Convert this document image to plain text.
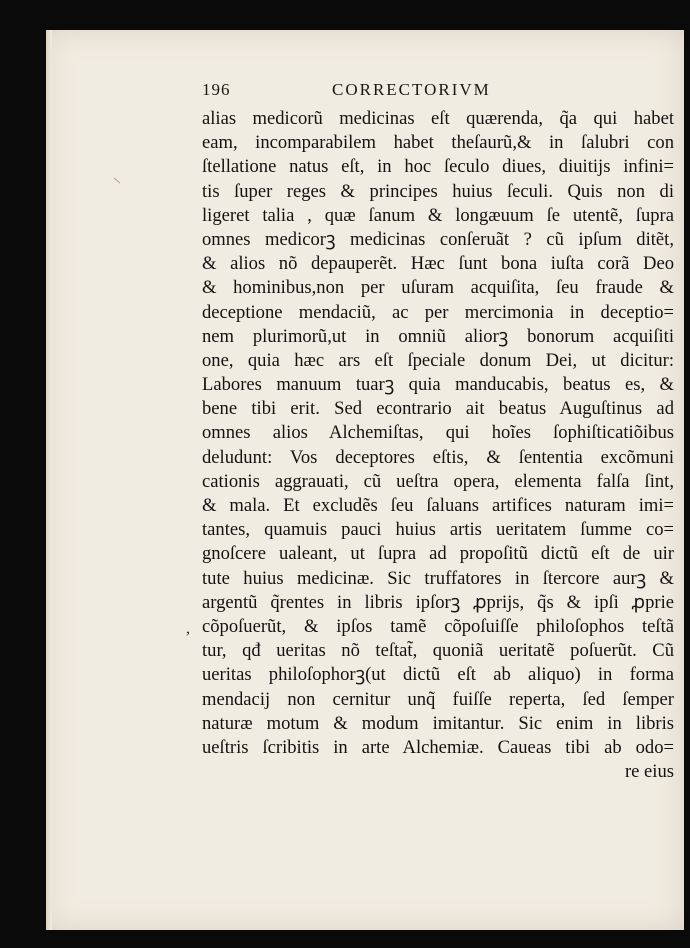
196	CORRECTORIVM
alias medicorũ medicinas eſt quærenda, q̃a qui habet
eam, incomparabilem habet theſaurũ,& in ſalubri con
ſtellatione natus eſt, in hoc ſeculo diues, diuitijs infini=
tis ſuper reges & principes huius ſeculi. Quis non di
ligeret talia , quæ ſanum & longæuum ſe utentẽ, ſupra
omnes medicorꝫ medicinas conſeruãt ? cũ ipſum ditẽt,
& alios nõ depauperẽt. Hæc ſunt bona iuſta corã Deo
& hominibus,non per uſuram acquiſita, ſeu fraude &
deceptione mendaciũ, ac per mercimonia in deceptio=
nem plurimorũ,ut in omniũ aliorꝫ bonorum acquiſiti
one, quia hæc ars eſt ſpeciale donum Dei, ut dicitur:
Labores manuum tuarꝫ quia manducabis, beatus es, &
bene tibi erit. Sed econtrario ait beatus Auguſtinus ad
omnes alios Alchemiſtas, qui hoĩes ſophiſticatiõibus
deludunt: Vos deceptores eſtis, & ſententia excõmuni
cationis aggrauati, cũ ueſtra opera, elementa falſa ſint,
& mala. Et excludẽs ſeu ſaluans artifices naturam imi=
tantes, quamuis pauci huius artis ueritatem ſumme co=
gnoſcere ualeant, ut ſupra ad propoſitũ dictũ eſt de uir
tute huius medicinæ. Sic truffatores in ſtercore aurꝫ &
argentũ q̃rentes in libris ipſorꝫ ꝓprijs, q̃s & ipſi ꝓprie
cõpoſuerũt, & ipſos tamẽ cõpoſuiſſe philoſophos teſtã
tur, qđ ueritas nõ teſtat̃, quoniã ueritatẽ poſuerũt. Cũ
ueritas philoſophorꝫ(ut dictũ eſt ab aliquo) in forma
mendacij non cernitur unq̃ fuiſſe reperta, ſed ſemper
naturæ motum & modum imitantur. Sic enim in libris
ueſtris ſcribitis in arte Alchemiæ. Caueas tibi ab odo=
re eius
,
